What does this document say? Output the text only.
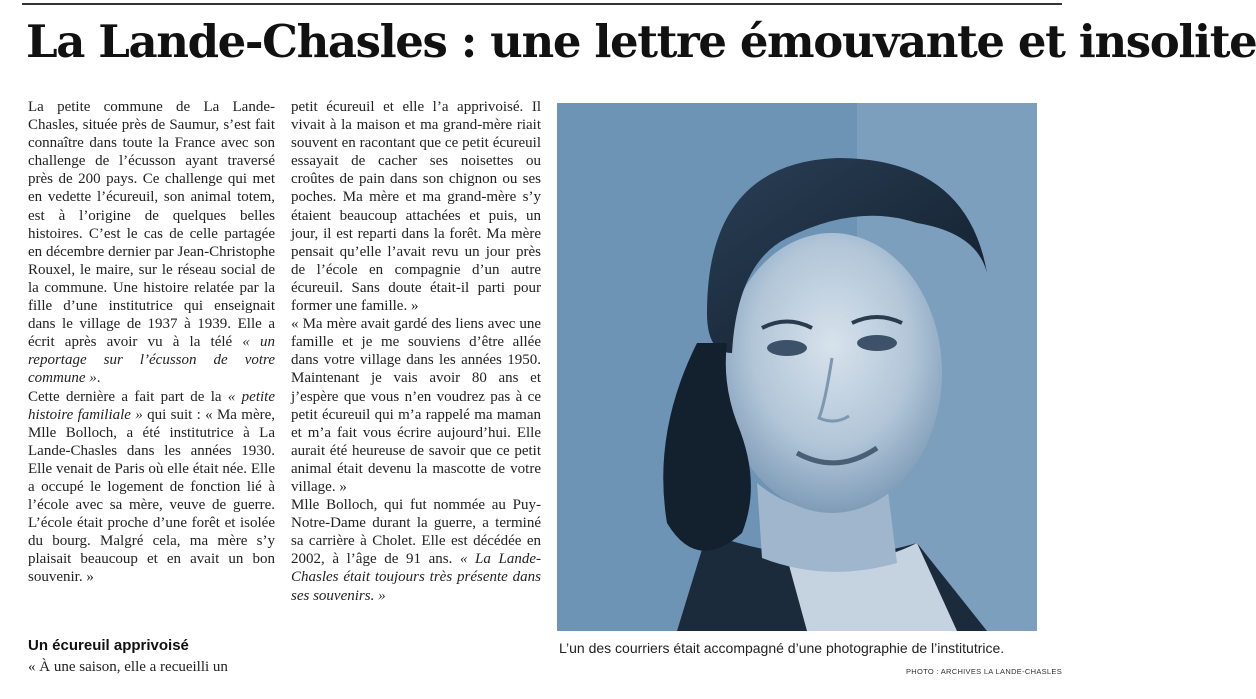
La Lande-Chasles : une lettre émouvante et insolite

La petite commune de La Lande-Chasles, située près de Saumur, s’est fait connaître dans toute la France avec son challenge de l’écusson ayant traversé près de 200 pays. Ce challenge qui met en vedette l’écureuil, son animal totem, est à l’origine de quelques belles histoires. C’est le cas de celle partagée en décembre dernier par Jean-Christophe Rouxel, le maire, sur le réseau social de la commune. Une histoire relatée par la fille d’une institutrice qui enseignait dans le village de 1937 à 1939. Elle a écrit après avoir vu à la télé « un reportage sur l’écusson de votre commune ».

Cette dernière a fait part de la « petite histoire familiale » qui suit : « Ma mère, Mlle Bolloch, a été institutrice à La Lande-Chasles dans les années 1930. Elle venait de Paris où elle était née. Elle a occupé le logement de fonction lié à l’école avec sa mère, veuve de guerre. L’école était proche d’une forêt et isolée du bourg. Malgré cela, ma mère s’y plaisait beaucoup et en avait un bon souvenir. »

Un écureuil apprivoisé
« À une saison, elle a recueilli un

petit écureuil et elle l’a apprivoisé. Il vivait à la maison et ma grand-mère riait souvent en racontant que ce petit écureuil essayait de cacher ses noisettes ou croûtes de pain dans son chignon ou ses poches. Ma mère et ma grand-mère s’y étaient beaucoup attachées et puis, un jour, il est reparti dans la forêt. Ma mère pensait qu’elle l’avait revu un jour près de l’école en compagnie d’un autre écureuil. Sans doute était-il parti pour former une famille. »

« Ma mère avait gardé des liens avec une famille et je me souviens d’être allée dans votre village dans les années 1950. Maintenant je vais avoir 80 ans et j’espère que vous n’en voudrez pas à ce petit écureuil qui m’a rappelé ma maman et m’a fait vous écrire aujourd’hui. Elle aurait été heureuse de savoir que ce petit animal était devenu la mascotte de votre village. »

Mlle Bolloch, qui fut nommée au Puy-Notre-Dame durant la guerre, a terminé sa carrière à Cholet. Elle est décédée en 2002, à l’âge de 91 ans. « La Lande-Chasles était toujours très présente dans ses souvenirs. »

L’un des courriers était accompagné d’une photographie de l’institutrice.
PHOTO : ARCHIVES LA LANDE-CHASLES
